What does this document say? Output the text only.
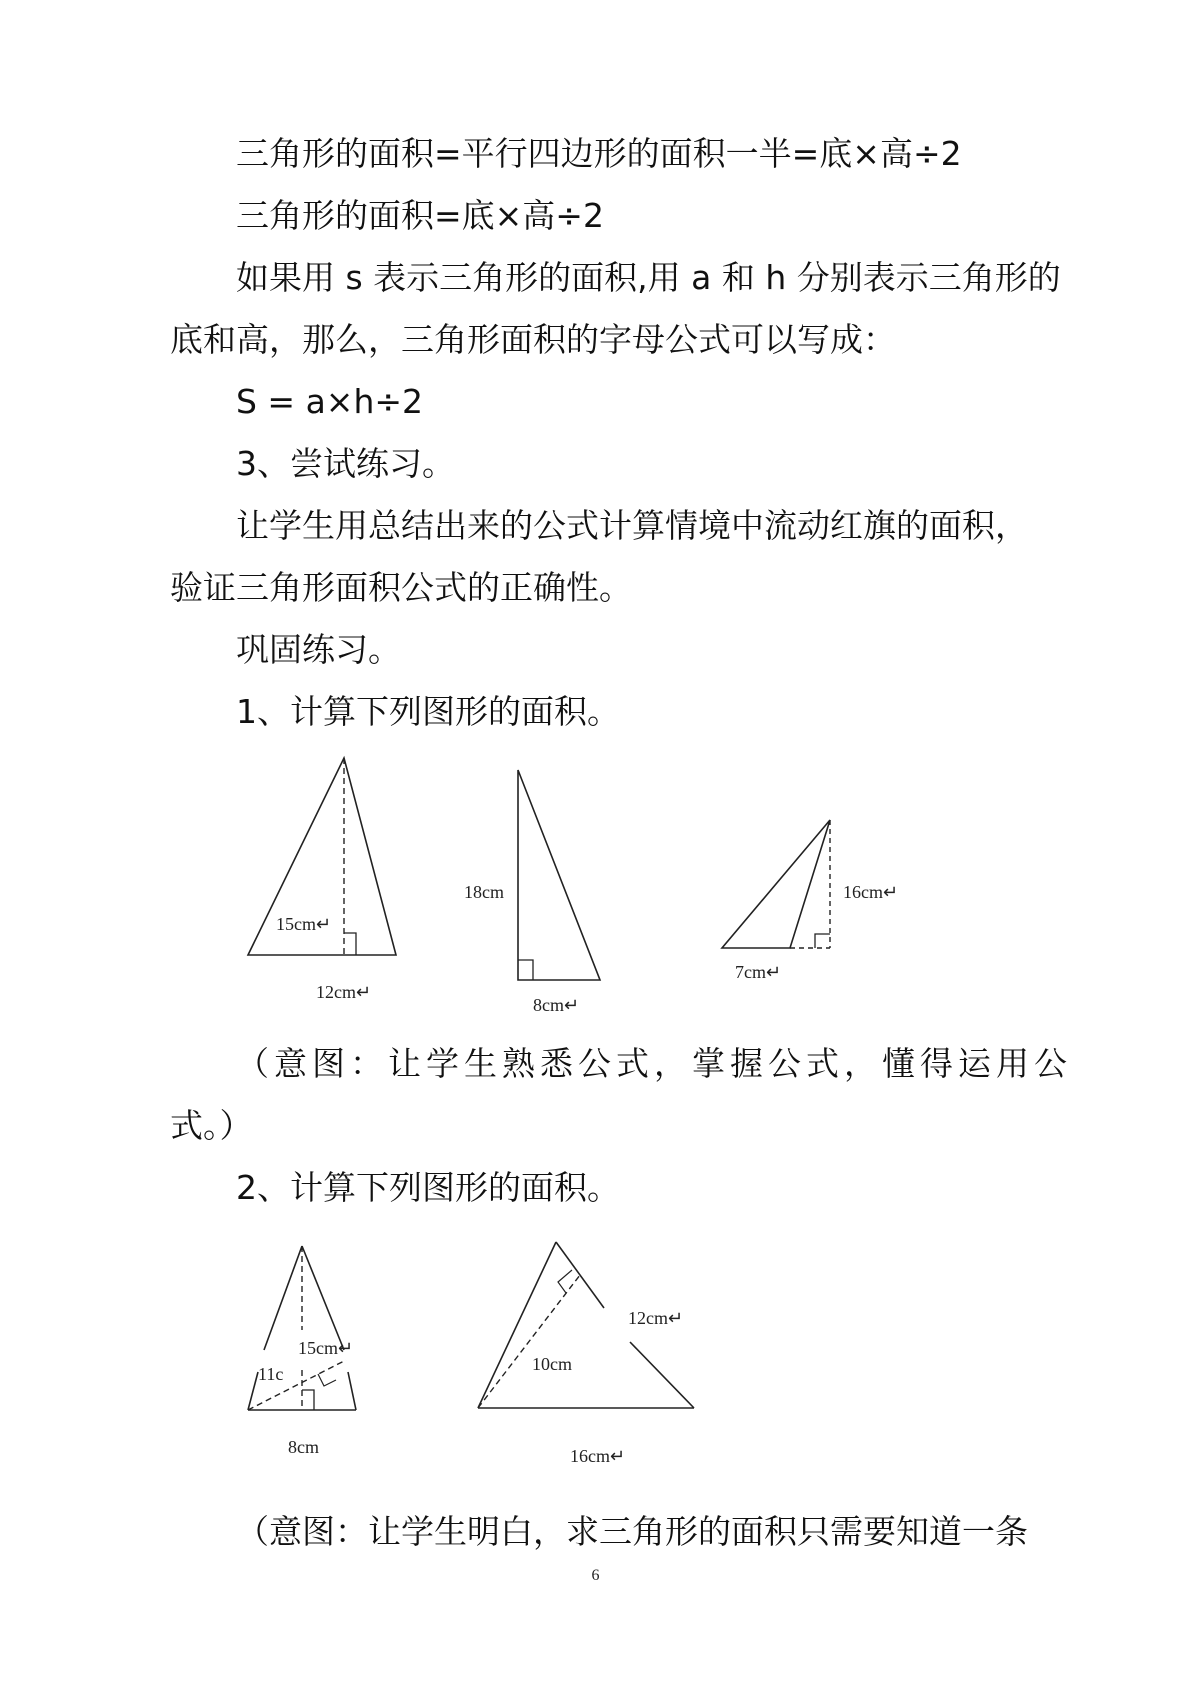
三角形的面积=平行四边形的面积一半=底×高÷2
三角形的面积=底×高÷2
如果用 s 表示三角形的面积,用 a 和 h 分别表示三角形的
底和高，那么，三角形面积的字母公式可以写成：
S = a×h÷2
3、尝试练习。
让学生用总结出来的公式计算情境中流动红旗的面积，
验证三角形面积公式的正确性。
巩固练习。
1、计算下列图形的面积。
15cm↵
12cm↵
18cm
8cm↵
16cm↵
7cm↵
（意图：让学生熟悉公式，掌握公式，懂得运用公
式。）
2、计算下列图形的面积。
15cm↵
11c
8cm
12cm↵
10cm
16cm↵
（意图：让学生明白，求三角形的面积只需要知道一条
6
